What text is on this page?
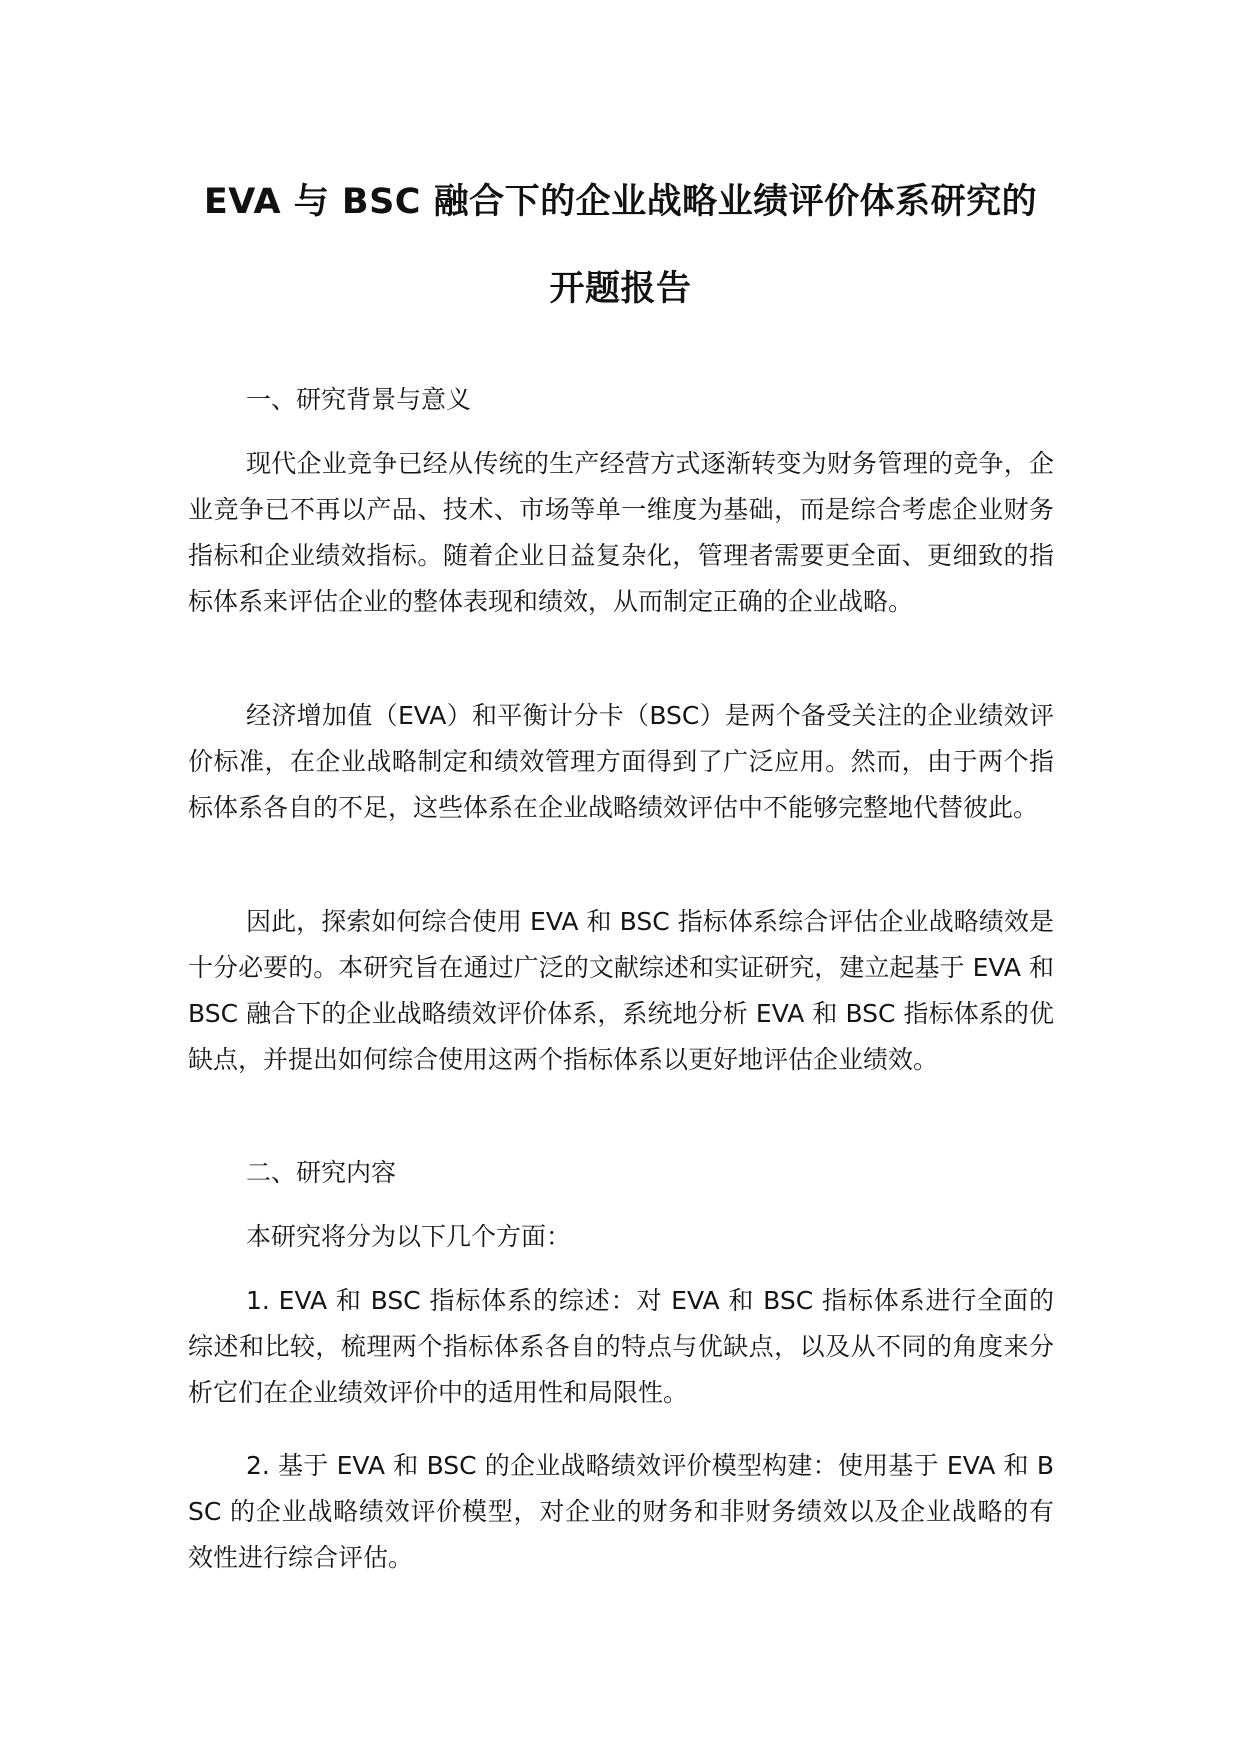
EVA 与 BSC 融合下的企业战略业绩评价体系研究的
开题报告

一、研究背景与意义

现代企业竞争已经从传统的生产经营方式逐渐转变为财务管理的竞争，企业竞争已不再以产品、技术、市场等单一维度为基础，而是综合考虑企业财务指标和企业绩效指标。随着企业日益复杂化，管理者需要更全面、更细致的指标体系来评估企业的整体表现和绩效，从而制定正确的企业战略。

经济增加值（EVA）和平衡计分卡（BSC）是两个备受关注的企业绩效评价标准，在企业战略制定和绩效管理方面得到了广泛应用。然而，由于两个指标体系各自的不足，这些体系在企业战略绩效评估中不能够完整地代替彼此。

因此，探索如何综合使用 EVA 和 BSC 指标体系综合评估企业战略绩效是十分必要的。本研究旨在通过广泛的文献综述和实证研究，建立起基于 EVA 和 BSC 融合下的企业战略绩效评价体系，系统地分析 EVA 和 BSC 指标体系的优缺点，并提出如何综合使用这两个指标体系以更好地评估企业绩效。

二、研究内容

本研究将分为以下几个方面：

1. EVA 和 BSC 指标体系的综述：对 EVA 和 BSC 指标体系进行全面的综述和比较，梳理两个指标体系各自的特点与优缺点，以及从不同的角度来分析它们在企业绩效评价中的适用性和局限性。

2. 基于 EVA 和 BSC 的企业战略绩效评价模型构建：使用基于 EVA 和 BSC 的企业战略绩效评价模型，对企业的财务和非财务绩效以及企业战略的有效性进行综合评估。
